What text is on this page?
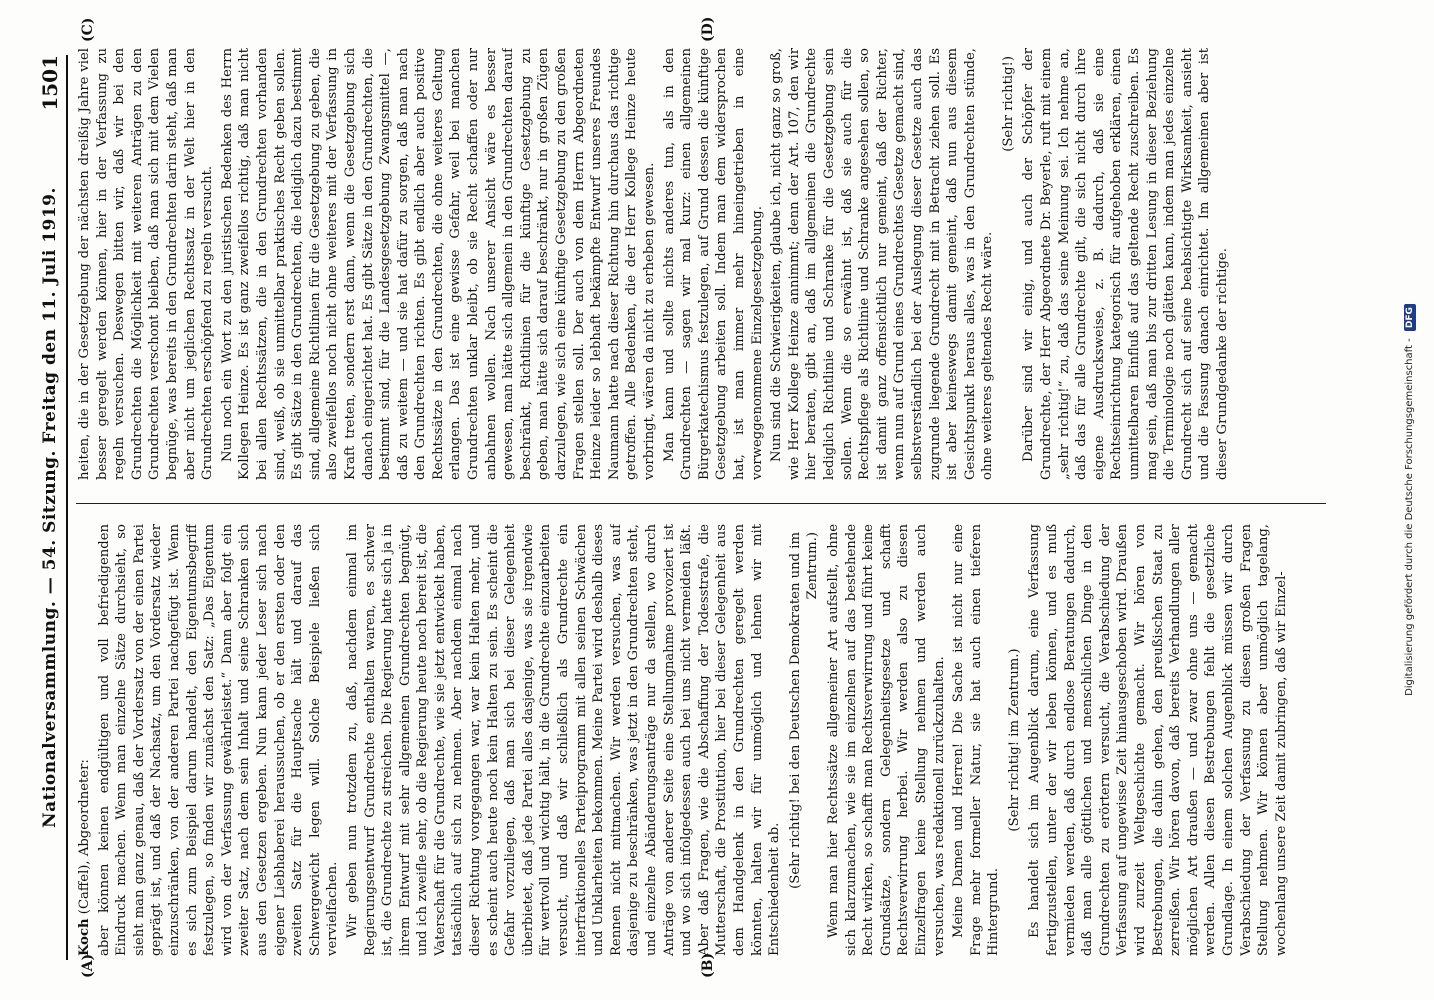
Nationalversammlung. — 54. Sitzung. Freitag den 11. Juli 1919.
1501
(A)	(B)
(C)	(D)

Koch (Caffel), Abgeordneter: aber können keinen endgültigen und voll befriedigenden Eindruck machen. Wenn man einzelne Sätze durchsieht, so sieht man ganz genau, daß der Vordersatz von der einen Partei geprägt ist, und daß der Nachsatz, um den Vordersatz wieder einzuschränken, von der anderen Partei nachgefügt ist. Wenn es sich zum Beispiel darum handelt, den Eigentumsbegriff festzulegen, so finden wir zunächst den Satz: „Das Eigentum wird von der Verfassung gewährleistet.“ Dann aber folgt ein zweiter Satz, nach dem sein Inhalt und seine Schranken sich aus den Gesetzen ergeben. Nun kann jeder Leser sich nach eigener Liebhaberei heraussuchen, ob er den ersten oder den zweiten Satz für die Hauptsache hält und darauf das Schwergewicht legen will. Solche Beispiele ließen sich vervielfachen. Wir geben nun trotzdem zu, daß, nachdem einmal im Regierungsentwurf Grundrechte enthalten waren, es schwer ist, die Grundrechte zu streichen. Die Regierung hatte sich ja in ihrem Entwurf mit sehr allgemeinen Grundrechten begnügt, und ich zweifle sehr, ob die Regierung heute noch bereit ist, die Vaterschaft für die Grundrechte, wie sie jetzt entwickelt haben, tatsächlich auf sich zu nehmen. Aber nachdem einmal nach dieser Richtung vorgegangen war, war kein Halten mehr, und es scheint auch heute noch kein Halten zu sein. Es scheint die Gefahr vorzuliegen, daß man sich bei dieser Gelegenheit überbietet, daß jede Partei alles dasjenige, was sie irgendwie für wertvoll und wichtig hält, in die Grundrechte einzuarbeiten versucht, und daß wir schließlich als Grundrechte ein interfraktionelles Parteiprogramm mit allen seinen Schwächen und Unklarheiten bekommen. Meine Partei wird deshalb dieses Rennen nicht mitmachen. Wir werden versuchen, was auf dasjenige zu beschränken, was jetzt in den Grundrechten steht, und einzelne Abänderungsanträge nur da stellen, wo durch Anträge von anderer Seite eine Stellungnahme provoziert ist und wo sich infolgedessen auch bei uns nicht vermeiden läßt. Aber daß Fragen, wie die Abschaffung der Todesstrafe, die Mutterschaft, die Prostitution, hier bei dieser Gelegenheit aus dem Handgelenk in den Grundrechten geregelt werden könnten, halten wir für unmöglich und lehnen wir mit Entschiedenheit ab.

(Sehr richtig! bei den Deutschen Demokraten und im Zentrum.) Wenn man hier Rechtssätze allgemeiner Art aufstellt, ohne sich klarzumachen, wie sie im einzelnen auf das bestehende Recht wirken, so schafft man Rechtsverwirrung und führt keine Grundsätze, sondern Gelegenheitsgesetze und schafft Rechtsverwirrung herbei. Wir werden also zu diesen Einzelfragen keine Stellung nehmen und werden auch versuchen, was redaktionell zurückzuhalten. Meine Damen und Herren! Die Sache ist nicht nur eine Frage mehr formeller Natur, sie hat auch einen tieferen Hintergrund.

(Sehr richtig! im Zentrum.) Es handelt sich im Augenblick darum, eine Verfassung fertigzustellen, unter der wir leben können, und es muß vermieden werden, daß durch endlose Beratungen dadurch, daß man alle göttlichen und menschlichen Dinge in den Grundrechten zu erörtern versucht, die Verabschiedung der Verfassung auf ungewisse Zeit hinausgeschoben wird. Draußen wird zurzeit Weltgeschichte gemacht. Wir hören von Bestrebungen, die dahin gehen, den preußischen Staat zu zerreißen. Wir hören davon, daß bereits Verhandlungen aller möglichen Art draußen — und zwar ohne uns — gemacht werden. Allen diesen Bestrebungen fehlt die gesetzliche Grundlage. In einem solchen Augenblick müssen wir durch Verabschiedung der Verfassung zu diesen großen Fragen Stellung nehmen. Wir können aber unmöglich tagelang, wochenlang unsere Zeit damit zubringen, daß wir Einzel-

heiten, die in der Gesetzgebung der nächsten dreißig Jahre viel besser geregelt werden können, hier in der Verfassung zu regeln versuchen. Deswegen bitten wir, daß wir bei den Grundrechten die Möglichkeit mit weiteren Anträgen zu den Grundrechten verschont bleiben, daß man sich mit dem Vielen begnüge, was bereits in den Grundrechten darin steht, daß man aber nicht um jeglichen Rechtssatz in der Welt hier in den Grundrechten erschöpfend zu regeln versucht. Nun noch ein Wort zu den juristischen Bedenken des Herrn Kollegen Heinze. Es ist ganz zweifellos richtig, daß man nicht bei allen Rechtssätzen, die in den Grundrechten vorhanden sind, weiß, ob sie unmittelbar praktisches Recht geben sollen. Es gibt Sätze in den Grundrechten, die lediglich dazu bestimmt sind, allgemeine Richtlinien für die Gesetzgebung zu geben, die also zweifellos noch nicht ohne weiteres mit der Verfassung in Kraft treten, sondern erst dann, wenn die Gesetzgebung sich danach eingerichtet hat. Es gibt Sätze in den Grundrechten, die bestimmt sind, für die Landesgesetzgebung Zwangsmittel —, daß zu weitem — und sie hat dafür zu sorgen, daß man nach den Grundrechten richten. Es gibt endlich aber auch positive Rechtssätze in den Grundrechten, die ohne weiteres Geltung erlangen. Das ist eine gewisse Gefahr, weil bei manchen Grundrechten unklar bleibt, ob sie Recht schaffen oder nur anbahnen wollen. Nach unserer Ansicht wäre es besser gewesen, man hätte sich allgemein in den Grundrechten darauf beschränkt, Richtlinien für die künftige Gesetzgebung zu geben, man hätte sich darauf beschränkt, nur in großen Zügen darzulegen, wie sich eine künftige Gesetzgebung zu den großen Fragen stellen soll. Der auch von dem Herrn Abgeordneten Heinze leider so lebhaft bekämpfte Entwurf unseres Freundes Naumann hatte nach dieser Richtung hin durchaus das richtige getroffen. Alle Bedenken, die der Herr Kollege Heinze heute vorbringt, wären da nicht zu erheben gewesen. Man kann und sollte nichts anderes tun, als in den Grundrechten — sagen wir mal kurz: einen allgemeinen Bürgerkatechismus festzulegen, auf Grund dessen die künftige Gesetzgebung arbeiten soll. Indem man dem widersprochen hat, ist man immer mehr hineingetrieben in eine vorweggenommene Einzelgesetzgebung. Nun sind die Schwierigkeiten, glaube ich, nicht ganz so groß, wie Herr Kollege Heinze annimmt; denn der Art. 107, den wir hier beraten, gibt an, daß im allgemeinen die Grundrechte lediglich Richtlinie und Schranke für die Gesetzgebung sein sollen. Wenn die so erwähnt ist, daß sie auch für die Rechtspflege als Richtlinie und Schranke angesehen sollen, so ist damit ganz offensichtlich nur gemeint, daß der Richter, wenn nun auf Grund eines Grundrechtes Gesetze gemacht sind, selbstverständlich bei der Auslegung dieser Gesetze auch das zugrunde liegende Grundrecht mit in Betracht ziehen soll. Es ist aber keineswegs damit gemeint, daß nun aus diesem Gesichtspunkt heraus alles, was in den Grundrechten stünde, ohne weiteres geltendes Recht wäre.

(Sehr richtig!) Darüber sind wir einig, und auch der Schöpfer der Grundrechte, der Herr Abgeordnete Dr. Beyerle, ruft mit einem „sehr richtig!“ zu, daß das seine Meinung sei. Ich nehme an, daß das für alle Grundrechte gilt, die sich nicht durch ihre eigene Ausdrucksweise, z. B. dadurch, daß sie eine Rechtseinrichtung kategorisch für aufgehoben erklären, einen unmittelbaren Einfluß auf das geltende Recht zuschreiben. Es mag sein, daß man bis zur dritten Lesung in dieser Beziehung die Terminologie noch glätten kann, indem man jedes einzelne Grundrecht sich auf seine beabsichtigte Wirksamkeit, ansieht und die Fassung danach einrichtet. Im allgemeinen aber ist dieser Grundgedanke der richtige.	Digitalisierung gefördert durch die Deutsche Forschungsgemeinschaft - DFG
